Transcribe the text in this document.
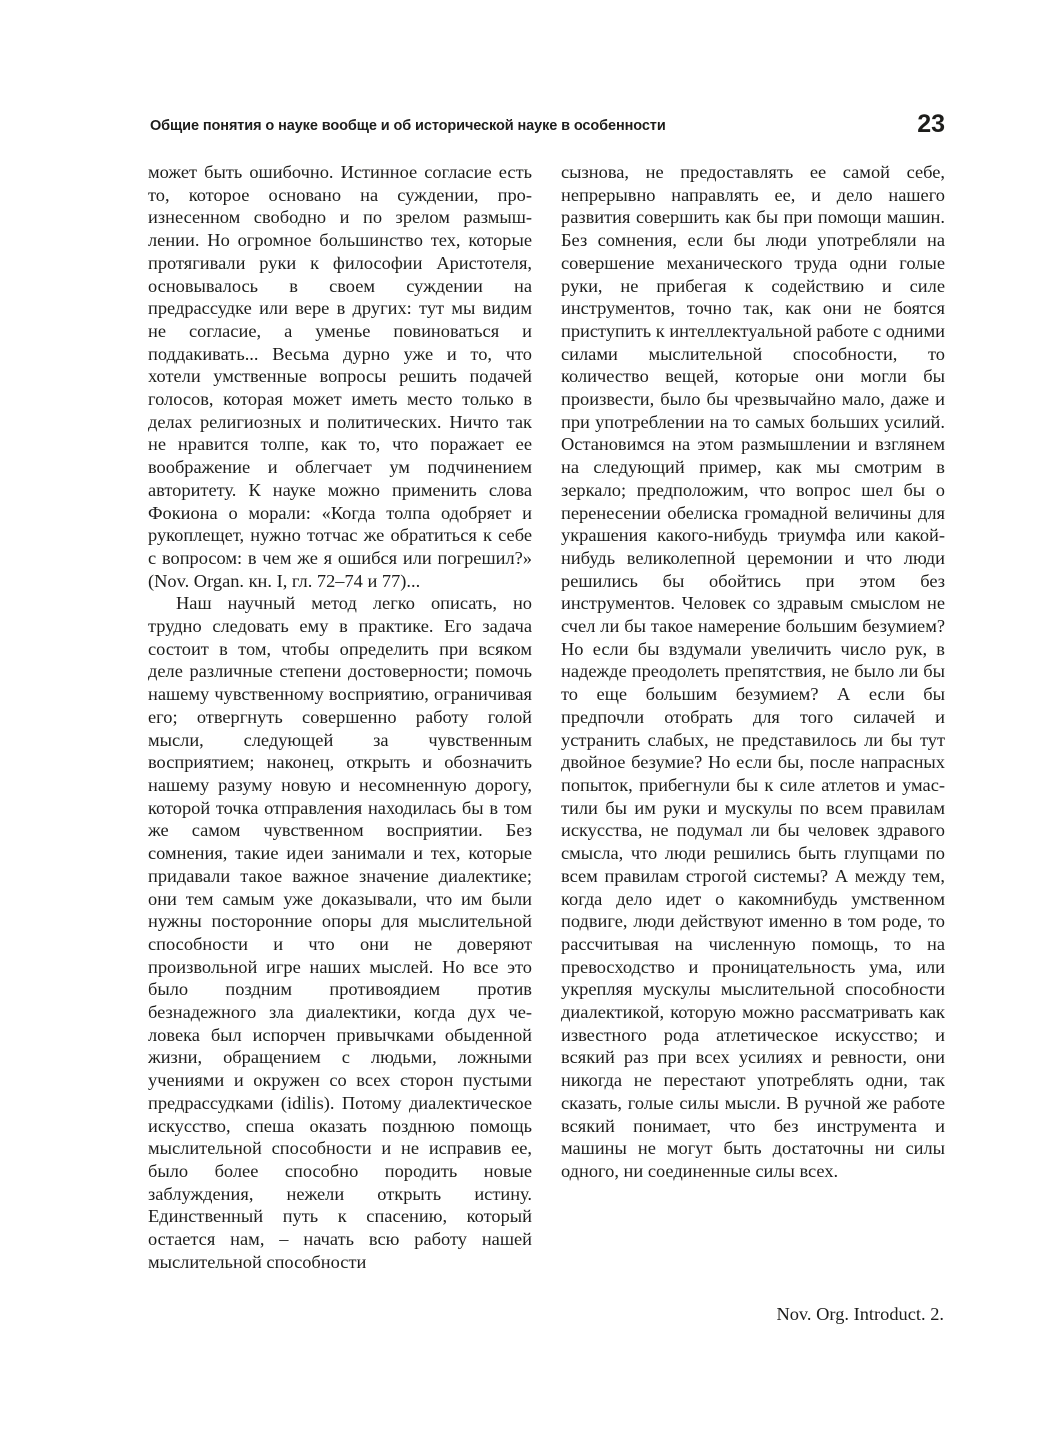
Общие понятия о науке вообще и об исторической науке в особенности	23

может быть ошибочно. Истинное согласие есть то, которое основано на суждении, произнесенном свободно и по зрелом размышлении. Но огромное большинство тех, которые протягивали руки к философии Аристотеля, основывалось в своем суждении на предрассудке или вере в других: тут мы видим не согласие, а уменье повиноваться и поддакивать... Весьма дурно уже и то, что хотели умственные вопросы решить подачей голосов, которая может иметь место только в делах религиозных и политических. Ничто так не нравится толпе, как то, что поражает ее воображение и облегчает ум подчинением авторитету. К науке можно применить слова Фокиона о морали: «Когда толпа одобряет и рукоплещет, нужно тотчас же обратиться к себе с вопросом: в чем же я ошибся или погрешил?» (Nov. Organ. кн. I, гл. 72–74 и 77)...

Наш научный метод легко описать, но трудно следовать ему в практике. Его задача состоит в том, чтобы определить при всяком деле различные степени достоверности; помочь нашему чувственному восприятию, ограничивая его; отвергнуть совершенно работу голой мысли, следующей за чувственным восприятием; наконец, открыть и обозначить нашему разуму новую и несомненную дорогу, которой точка отправления находилась бы в том же самом чувственном восприятии. Без сомнения, такие идеи занимали и тех, которые придавали такое важное значение диалектике; они тем самым уже доказывали, что им были нужны посторонние опоры для мыслительной способности и что они не доверяют произвольной игре наших мыслей. Но все это было поздним противоядием против безнадежного зла диалектики, когда дух человека был испорчен привычками обыденной жизни, обращением с людьми, ложными учениями и окружен со всех сторон пустыми предрассудками (idilis). Потому диалектическое искусство, спеша оказать позднюю помощь мыслительной способности и не исправив ее, было более способно породить новые заблуждения, нежели открыть истину. Единственный путь к спасению, который остается нам, – начать всю работу нашей мыслительной способности

сызнова, не предоставлять ее самой себе, непрерывно направлять ее, и дело нашего развития совершить как бы при помощи машин. Без сомнения, если бы люди употребляли на совершение механического труда одни голые руки, не прибегая к содействию и силе инструментов, точно так, как они не боятся приступить к интеллектуальной работе с одними силами мыслительной способности, то количество вещей, которые они могли бы произвести, было бы чрезвычайно мало, даже и при употреблении на то самых больших усилий. Остановимся на этом размышлении и взглянем на следующий пример, как мы смотрим в зеркало; предположим, что вопрос шел бы о перенесении обелиска громадной величины для украшения какого-нибудь триумфа или какой-нибудь великолепной церемонии и что люди решились бы обойтись при этом без инструментов. Человек со здравым смыслом не счел ли бы такое намерение большим безумием? Но если бы вздумали увеличить число рук, в надежде преодолеть препятствия, не было ли бы то еще большим безумием? А если бы предпочли отобрать для того силачей и устранить слабых, не представилось ли бы тут двойное безумие? Но если бы, после напрасных попыток, прибегнули бы к силе атлетов и умастили бы им руки и мускулы по всем правилам искусства, не подумал ли бы человек здравого смысла, что люди решились быть глупцами по всем правилам строгой системы? А между тем, когда дело идет о какомнибудь умственном подвиге, люди действуют именно в том роде, то рассчитывая на численную помощь, то на превосходство и проницательность ума, или укрепляя мускулы мыслительной способности диалектикой, которую можно рассматривать как известного рода атлетическое искусство; и всякий раз при всех усилиях и ревности, они никогда не перестают употреблять одни, так сказать, голые силы мысли. В ручной же работе всякий понимает, что без инструмента и машины не могут быть достаточны ни силы одного, ни соединенные силы всех.

Nov. Org. Introduct. 2.
